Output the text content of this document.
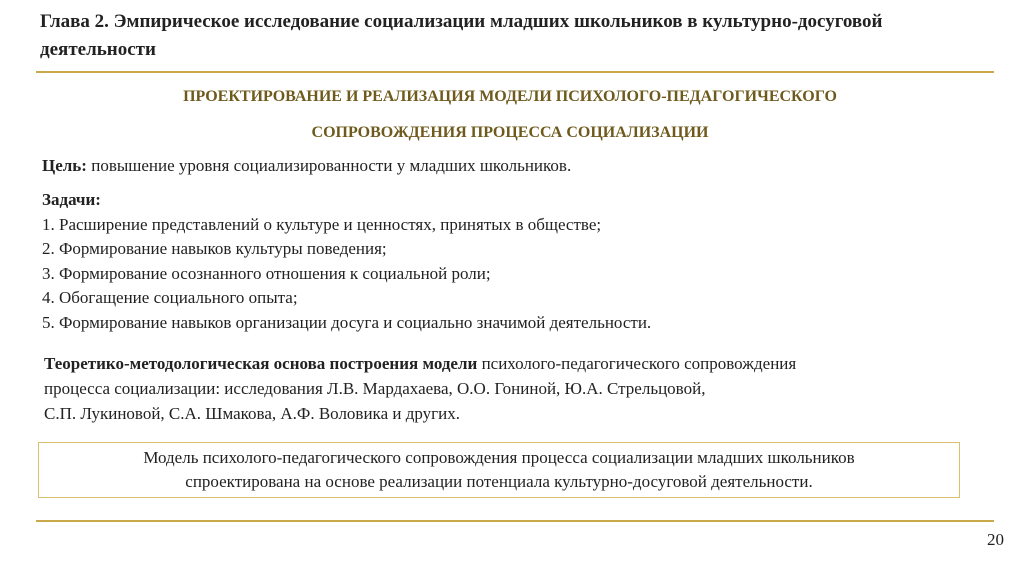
Глава 2. Эмпирическое исследование социализации младших школьников в культурно-досуговой деятельности
ПРОЕКТИРОВАНИЕ И РЕАЛИЗАЦИЯ МОДЕЛИ ПСИХОЛОГО-ПЕДАГОГИЧЕСКОГО
СОПРОВОЖДЕНИЯ ПРОЦЕССА СОЦИАЛИЗАЦИИ
Цель: повышение уровня социализированности у младших школьников.
Задачи:
1. Расширение представлений о культуре и ценностях, принятых в обществе;
2. Формирование навыков культуры поведения;
3. Формирование осознанного отношения к социальной роли;
4. Обогащение социального опыта;
5. Формирование навыков организации досуга и социально значимой деятельности.
Теоретико-методологическая основа построения модели психолого-педагогического сопровождения
процесса социализации: исследования Л.В. Мардахаева, О.О. Гониной, Ю.А. Стрельцовой,
С.П. Лукиновой, С.А. Шмакова, А.Ф. Воловика и других.
Модель психолого-педагогического сопровождения процесса социализации младших школьников
спроектирована на основе реализации потенциала культурно-досуговой деятельности.
20
